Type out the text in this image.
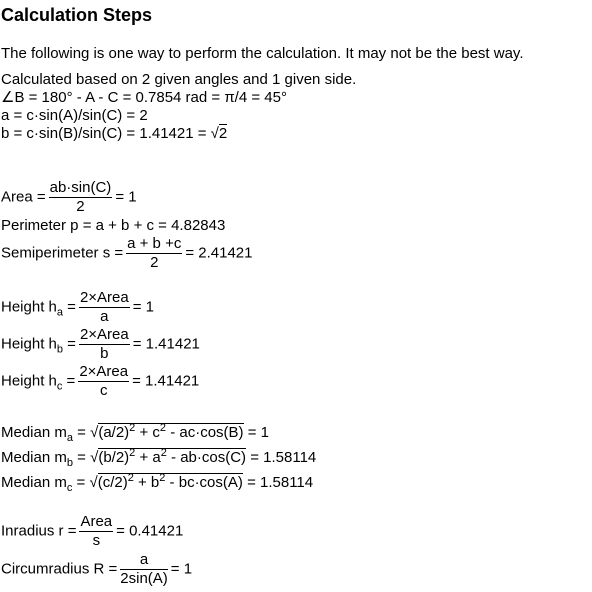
Calculation Steps
The following is one way to perform the calculation. It may not be the best way.
Calculated based on 2 given angles and 1 given side.
∠B = 180° - A - C = 0.7854 rad = π/4 = 45°
a = c·sin(A)/sin(C) = 2
b = c·sin(B)/sin(C) = 1.41421 = √2
Area = $\frac{ab\cdot\sin(C)}{2} = 1$
Perimeter p = a + b + c = 4.82843
Semiperimeter $s = \frac{a + b +c}{2} = 2.41421$
Height $h_a = \frac{\text{2×Area}}{a} = 1$
Height $h_b = \frac{\text{2×Area}}{b} = 1.41421$
Height $h_c = \frac{\text{2×Area}}{c} = 1.41421$
Median $m_a = √(a/2)^2 + c^2 - ac\cdot\cos(B) = 1$
Median $m_b = √(b/2)^2 + a^2 - ab\cdot\cos(C) = 1.58114$
Median $m_c = √(c/2)^2 + b^2 - bc\cdot\cos(A) = 1.58114$
Inradius $r = \frac{\text{Area}}{s} = 0.41421$
Circumradius $R = \frac{a}{2\sin(A)} = 1$
